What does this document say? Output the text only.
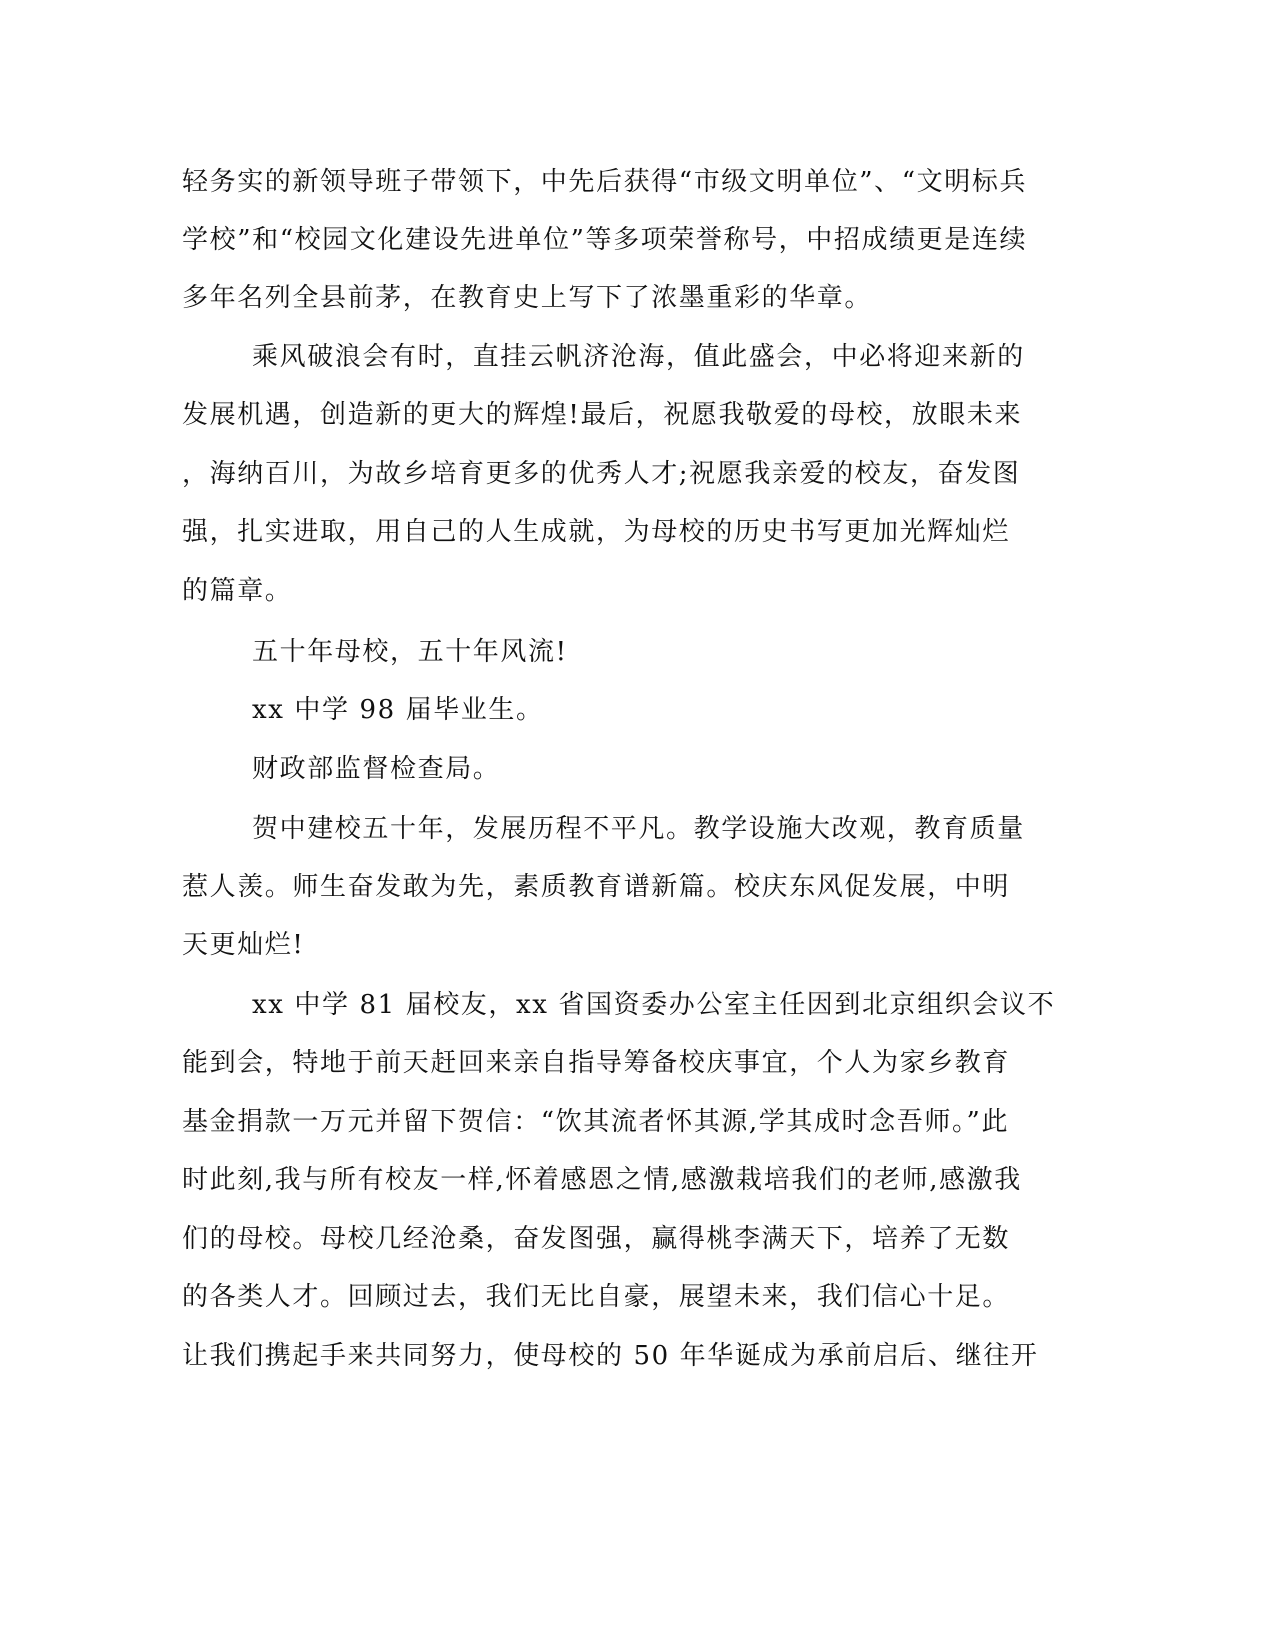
轻务实的新领导班子带领下，中先后获得“市级文明单位”、“文明标兵
学校”和“校园文化建设先进单位”等多项荣誉称号，中招成绩更是连续
多年名列全县前茅，在教育史上写下了浓墨重彩的华章。
乘风破浪会有时，直挂云帆济沧海，值此盛会，中必将迎来新的
发展机遇，创造新的更大的辉煌!最后，祝愿我敬爱的母校，放眼未来
，海纳百川，为故乡培育更多的优秀人才;祝愿我亲爱的校友，奋发图
强，扎实进取，用自己的人生成就，为母校的历史书写更加光辉灿烂
的篇章。
五十年母校，五十年风流!
xx 中学 98 届毕业生。
财政部监督检查局。
贺中建校五十年，发展历程不平凡。教学设施大改观，教育质量
惹人羡。师生奋发敢为先，素质教育谱新篇。校庆东风促发展，中明
天更灿烂!
xx 中学 81 届校友，xx 省国资委办公室主任因到北京组织会议不
能到会，特地于前天赶回来亲自指导筹备校庆事宜，个人为家乡教育
基金捐款一万元并留下贺信：“饮其流者怀其源,学其成时念吾师。”此
时此刻,我与所有校友一样,怀着感恩之情,感激栽培我们的老师,感激我
们的母校。母校几经沧桑，奋发图强，赢得桃李满天下，培养了无数
的各类人才。回顾过去，我们无比自豪，展望未来，我们信心十足。
让我们携起手来共同努力，使母校的 50 年华诞成为承前启后、继往开
